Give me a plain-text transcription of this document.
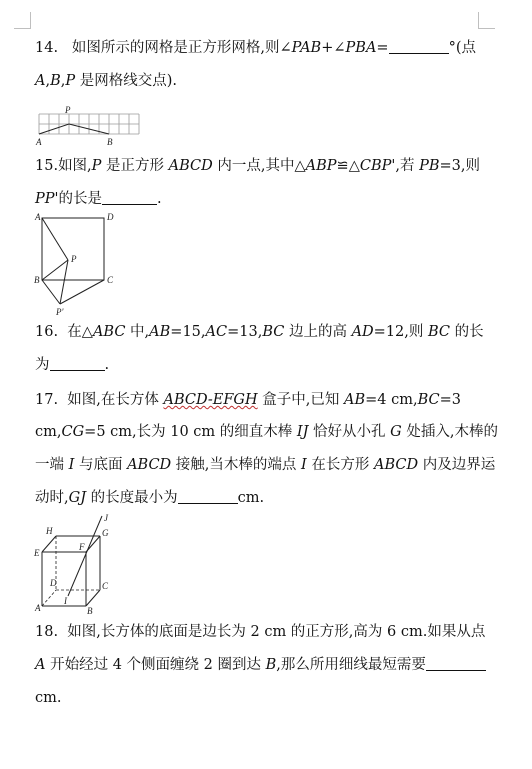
14. 如图所示的网格是正方形网格,则∠PAB+∠PBA=	°(点
A,B,P 是网格线交点).
P
A	B
15.如图,P 是正方形 ABCD 内一点,其中△ABP≌△CBP',若 PB=3,则
PP'的长是	.
A	D
P
B	C
P'
16. 在△ABC 中,AB=15,AC=13,BC 边上的高 AD=12,则 BC 的长
为	.
17. 如图,在长方体 ABCD-EFGH 盒子中,已知 AB=4 cm,BC=3
cm,CG=5 cm,长为 10 cm 的细直木棒 IJ 恰好从小孔 G 处插入,木棒的
一端 I 与底面 ABCD 接触,当木棒的端点 I 在长方形 ABCD 内及边界运
动时,GJ 的长度最小为	cm.
H
J
G
E
F
D	C
A
I
B
18. 如图,长方体的底面是边长为 2 cm 的正方形,高为 6 cm.如果从点
A 开始经过 4 个侧面缠绕 2 圈到达 B,那么所用细线最短需要
cm.
